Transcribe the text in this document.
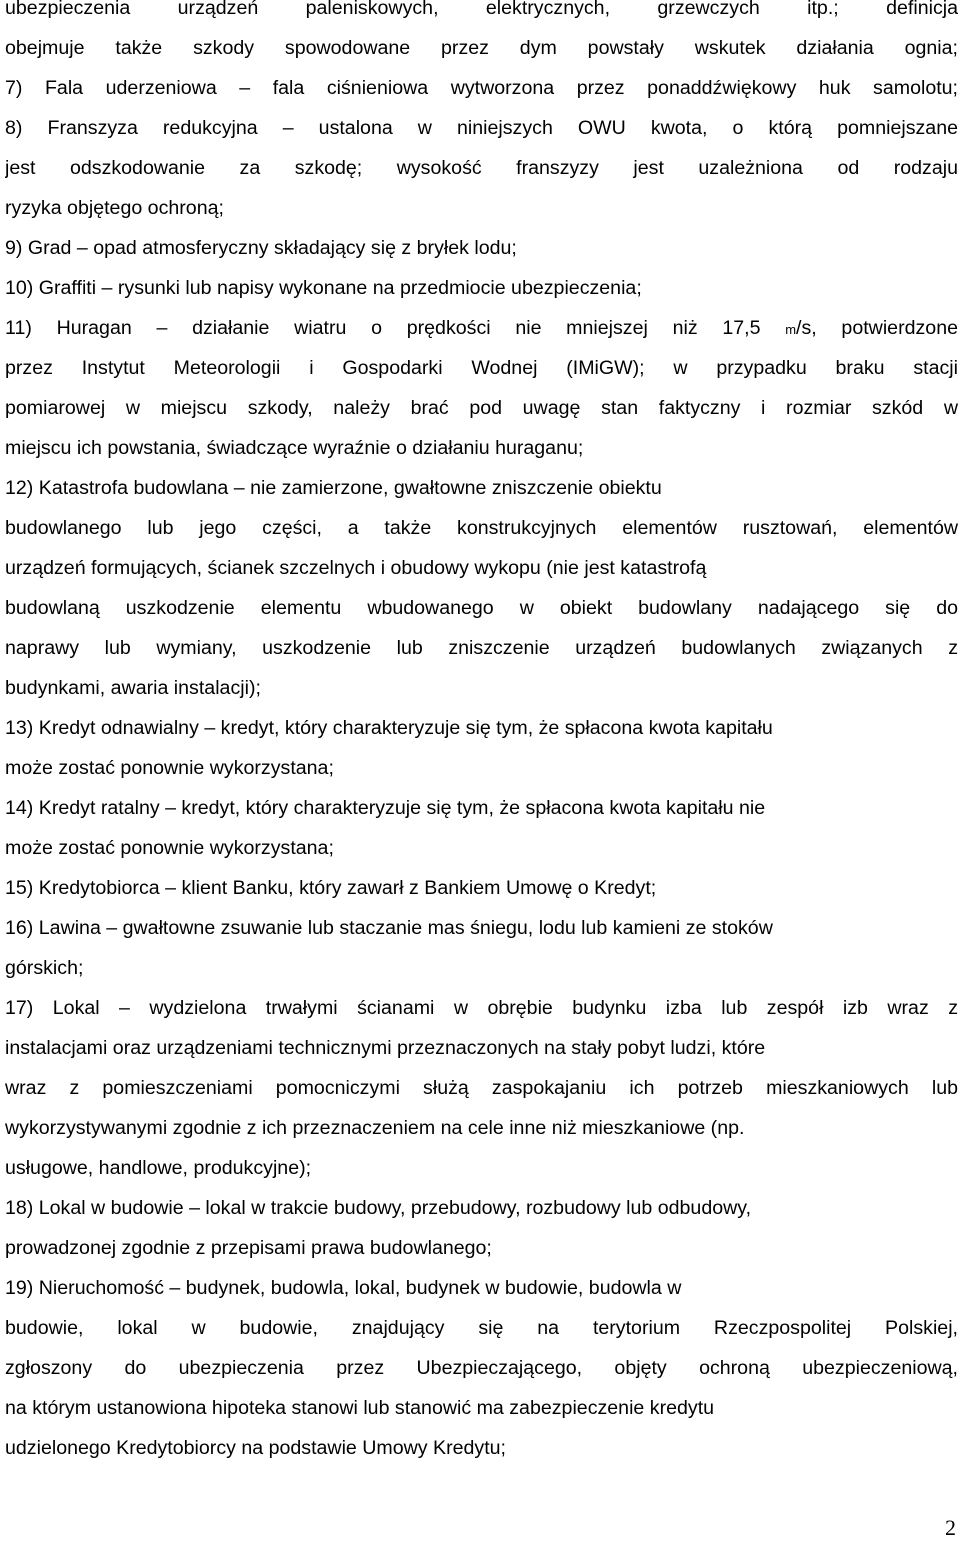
ubezpieczenia urządzeń paleniskowych, elektrycznych, grzewczych itp.; definicja
obejmuje także szkody spowodowane przez dym powstały wskutek działania ognia;
7) Fala uderzeniowa – fala ciśnieniowa wytworzona przez ponaddźwiękowy huk samolotu;
8) Franszyza redukcyjna – ustalona w niniejszych OWU kwota, o którą pomniejszane
jest odszkodowanie za szkodę; wysokość franszyzy jest uzależniona od rodzaju
ryzyka objętego ochroną;
9) Grad – opad atmosferyczny składający się z bryłek lodu;
10) Graffiti – rysunki lub napisy wykonane na przedmiocie ubezpieczenia;
11) Huragan – działanie wiatru o prędkości nie mniejszej niż 17,5 m/s, potwierdzone
przez Instytut Meteorologii i Gospodarki Wodnej (IMiGW); w przypadku braku stacji
pomiarowej w miejscu szkody, należy brać pod uwagę stan faktyczny i rozmiar szkód w
miejscu ich powstania, świadczące wyraźnie o działaniu huraganu;
12) Katastrofa budowlana – nie zamierzone, gwałtowne zniszczenie obiektu
budowlanego lub jego części, a także konstrukcyjnych elementów rusztowań, elementów
urządzeń formujących, ścianek szczelnych i obudowy wykopu (nie jest katastrofą
budowlaną uszkodzenie elementu wbudowanego w obiekt budowlany nadającego się do
naprawy lub wymiany, uszkodzenie lub zniszczenie urządzeń budowlanych związanych z
budynkami, awaria instalacji);
13) Kredyt odnawialny – kredyt, który charakteryzuje się tym, że spłacona kwota kapitału
może zostać ponownie wykorzystana;
14) Kredyt ratalny – kredyt, który charakteryzuje się tym, że spłacona kwota kapitału nie
może zostać ponownie wykorzystana;
15) Kredytobiorca – klient Banku, który zawarł z Bankiem Umowę o Kredyt;
16) Lawina – gwałtowne zsuwanie lub staczanie mas śniegu, lodu lub kamieni ze stoków
górskich;
17) Lokal – wydzielona trwałymi ścianami w obrębie budynku izba lub zespół izb wraz z
instalacjami oraz urządzeniami technicznymi przeznaczonych na stały pobyt ludzi, które
wraz z pomieszczeniami pomocniczymi służą zaspokajaniu ich potrzeb mieszkaniowych lub
wykorzystywanymi zgodnie z ich przeznaczeniem na cele inne niż mieszkaniowe (np.
usługowe, handlowe, produkcyjne);
18) Lokal w budowie – lokal w trakcie budowy, przebudowy, rozbudowy lub odbudowy,
prowadzonej zgodnie z przepisami prawa budowlanego;
19) Nieruchomość – budynek, budowla, lokal, budynek w budowie, budowla w
budowie, lokal w budowie, znajdujący się na terytorium Rzeczpospolitej Polskiej,
zgłoszony do ubezpieczenia przez Ubezpieczającego, objęty ochroną ubezpieczeniową,
na którym ustanowiona hipoteka stanowi lub stanowić ma zabezpieczenie kredytu
udzielonego Kredytobiorcy na podstawie Umowy Kredytu;
2
